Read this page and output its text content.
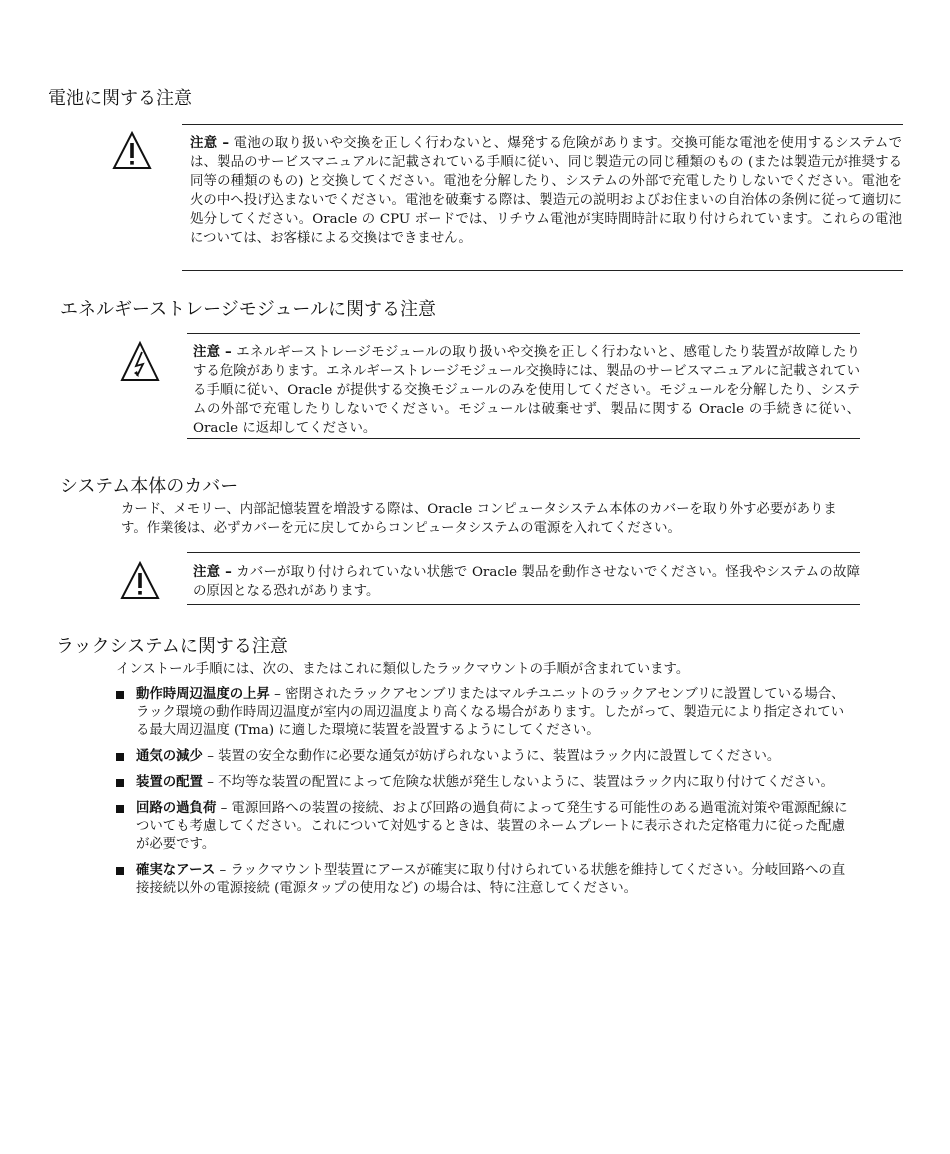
電池に関する注意
注意 – 電池の取り扱いや交換を正しく行わないと、爆発する危険があります。交換可能な電池を使用するシステムでは、製品のサービスマニュアルに記載されている手順に従い、同じ製造元の同じ種類のもの (または製造元が推奨する同等の種類のもの) と交換してください。電池を分解したり、システムの外部で充電したりしないでください。電池を火の中へ投げ込まないでください。電池を破棄する際は、製造元の説明およびお住まいの自治体の条例に従って適切に処分してください。Oracle の CPU ボードでは、リチウム電池が実時間時計に取り付けられています。これらの電池については、お客様による交換はできません。
エネルギーストレージモジュールに関する注意
注意 – エネルギーストレージモジュールの取り扱いや交換を正しく行わないと、感電したり装置が故障したりする危険があります。エネルギーストレージモジュール交換時には、製品のサービスマニュアルに記載されている手順に従い、Oracle が提供する交換モジュールのみを使用してください。モジュールを分解したり、システムの外部で充電したりしないでください。モジュールは破棄せず、製品に関する Oracle の手続きに従い、Oracle に返却してください。
システム本体のカバー
カード、メモリー、内部記憶装置を増設する際は、Oracle コンピュータシステム本体のカバーを取り外す必要があります。作業後は、必ずカバーを元に戻してからコンピュータシステムの電源を入れてください。
注意 – カバーが取り付けられていない状態で Oracle 製品を動作させないでください。怪我やシステムの故障の原因となる恐れがあります。
ラックシステムに関する注意
インストール手順には、次の、またはこれに類似したラックマウントの手順が含まれています。
動作時周辺温度の上昇 – 密閉されたラックアセンブリまたはマルチユニットのラックアセンブリに設置している場合、ラック環境の動作時周辺温度が室内の周辺温度より高くなる場合があります。したがって、製造元により指定されている最大周辺温度 (Tma) に適した環境に装置を設置するようにしてください。
通気の減少 – 装置の安全な動作に必要な通気が妨げられないように、装置はラック内に設置してください。
装置の配置 – 不均等な装置の配置によって危険な状態が発生しないように、装置はラック内に取り付けてください。
回路の過負荷 – 電源回路への装置の接続、および回路の過負荷によって発生する可能性のある過電流対策や電源配線についても考慮してください。これについて対処するときは、装置のネームプレートに表示された定格電力に従った配慮が必要です。
確実なアース – ラックマウント型装置にアースが確実に取り付けられている状態を維持してください。分岐回路への直接接続以外の電源接続 (電源タップの使用など) の場合は、特に注意してください。
